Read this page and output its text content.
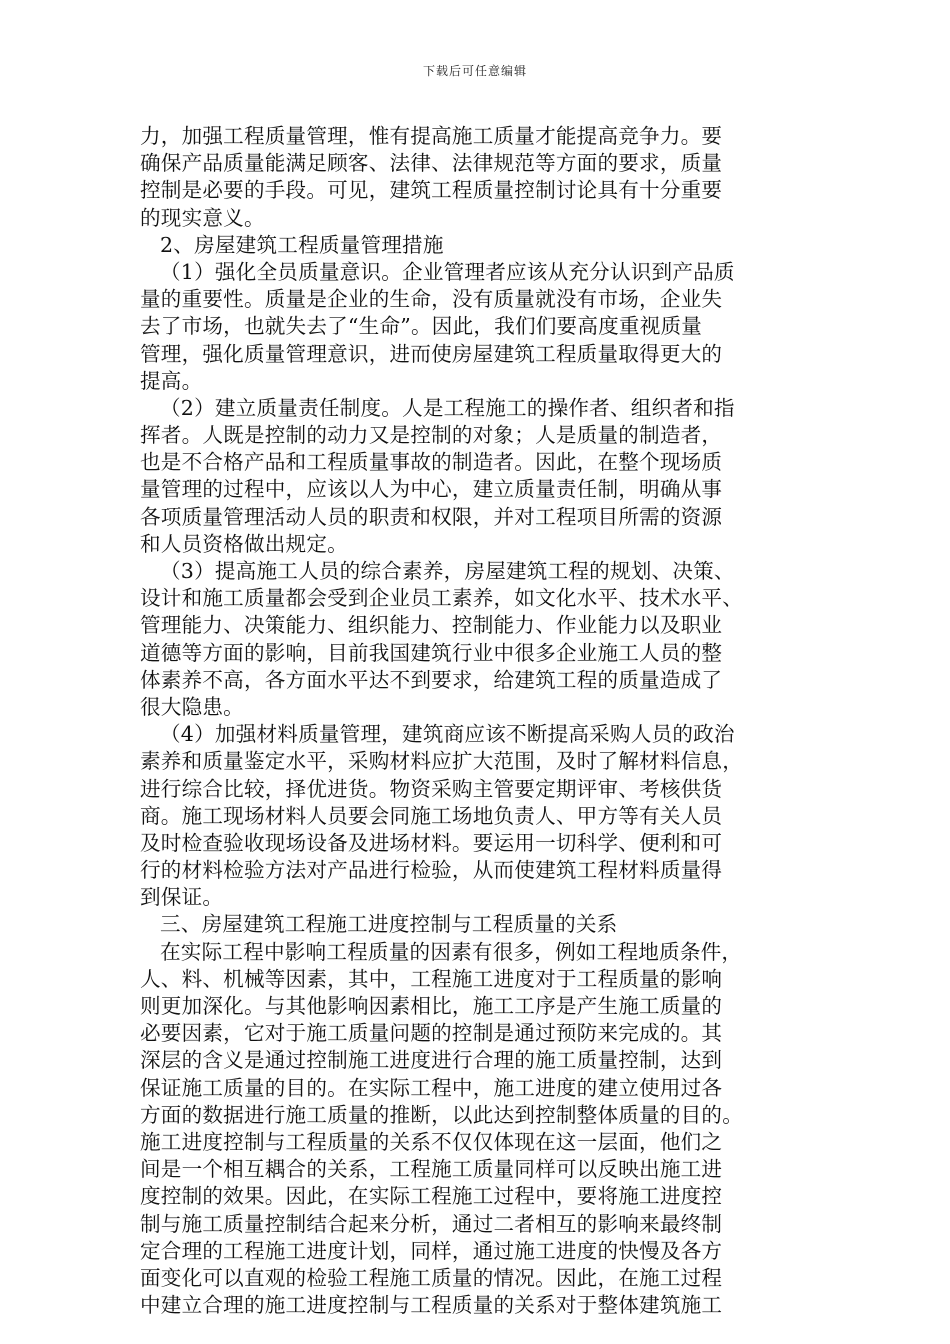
下载后可任意编辑
力，加强工程质量管理，惟有提高施工质量才能提高竞争力。要
确保产品质量能满足顾客、法律、法律规范等方面的要求，质量
控制是必要的手段。可见，建筑工程质量控制讨论具有十分重要
的现实意义。
2、房屋建筑工程质量管理措施
（1）强化全员质量意识。企业管理者应该从充分认识到产品质
量的重要性。质量是企业的生命，没有质量就没有市场，企业失
去了市场，也就失去了“生命”。因此，我们们要高度重视质量
管理，强化质量管理意识，进而使房屋建筑工程质量取得更大的
提高。
（2）建立质量责任制度。人是工程施工的操作者、组织者和指
挥者。人既是控制的动力又是控制的对象；人是质量的制造者，
也是不合格产品和工程质量事故的制造者。因此，在整个现场质
量管理的过程中，应该以人为中心，建立质量责任制，明确从事
各项质量管理活动人员的职责和权限，并对工程项目所需的资源
和人员资格做出规定。
（3）提高施工人员的综合素养，房屋建筑工程的规划、决策、
设计和施工质量都会受到企业员工素养，如文化水平、技术水平、
管理能力、决策能力、组织能力、控制能力、作业能力以及职业
道德等方面的影响，目前我国建筑行业中很多企业施工人员的整
体素养不高，各方面水平达不到要求，给建筑工程的质量造成了
很大隐患。
（4）加强材料质量管理，建筑商应该不断提高采购人员的政治
素养和质量鉴定水平，采购材料应扩大范围，及时了解材料信息，
进行综合比较，择优进货。物资采购主管要定期评审、考核供货
商。施工现场材料人员要会同施工场地负责人、甲方等有关人员
及时检查验收现场设备及进场材料。要运用一切科学、便利和可
行的材料检验方法对产品进行检验，从而使建筑工程材料质量得
到保证。
三、房屋建筑工程施工进度控制与工程质量的关系
在实际工程中影响工程质量的因素有很多，例如工程地质条件，
人、料、机械等因素，其中，工程施工进度对于工程质量的影响
则更加深化。与其他影响因素相比，施工工序是产生施工质量的
必要因素，它对于施工质量问题的控制是通过预防来完成的。其
深层的含义是通过控制施工进度进行合理的施工质量控制，达到
保证施工质量的目的。在实际工程中，施工进度的建立使用过各
方面的数据进行施工质量的推断，以此达到控制整体质量的目的。
施工进度控制与工程质量的关系不仅仅体现在这一层面，他们之
间是一个相互耦合的关系，工程施工质量同样可以反映出施工进
度控制的效果。因此，在实际工程施工过程中，要将施工进度控
制与施工质量控制结合起来分析，通过二者相互的影响来最终制
定合理的工程施工进度计划，同样，通过施工进度的快慢及各方
面变化可以直观的检验工程施工质量的情况。因此，在施工过程
中建立合理的施工进度控制与工程质量的关系对于整体建筑施工
